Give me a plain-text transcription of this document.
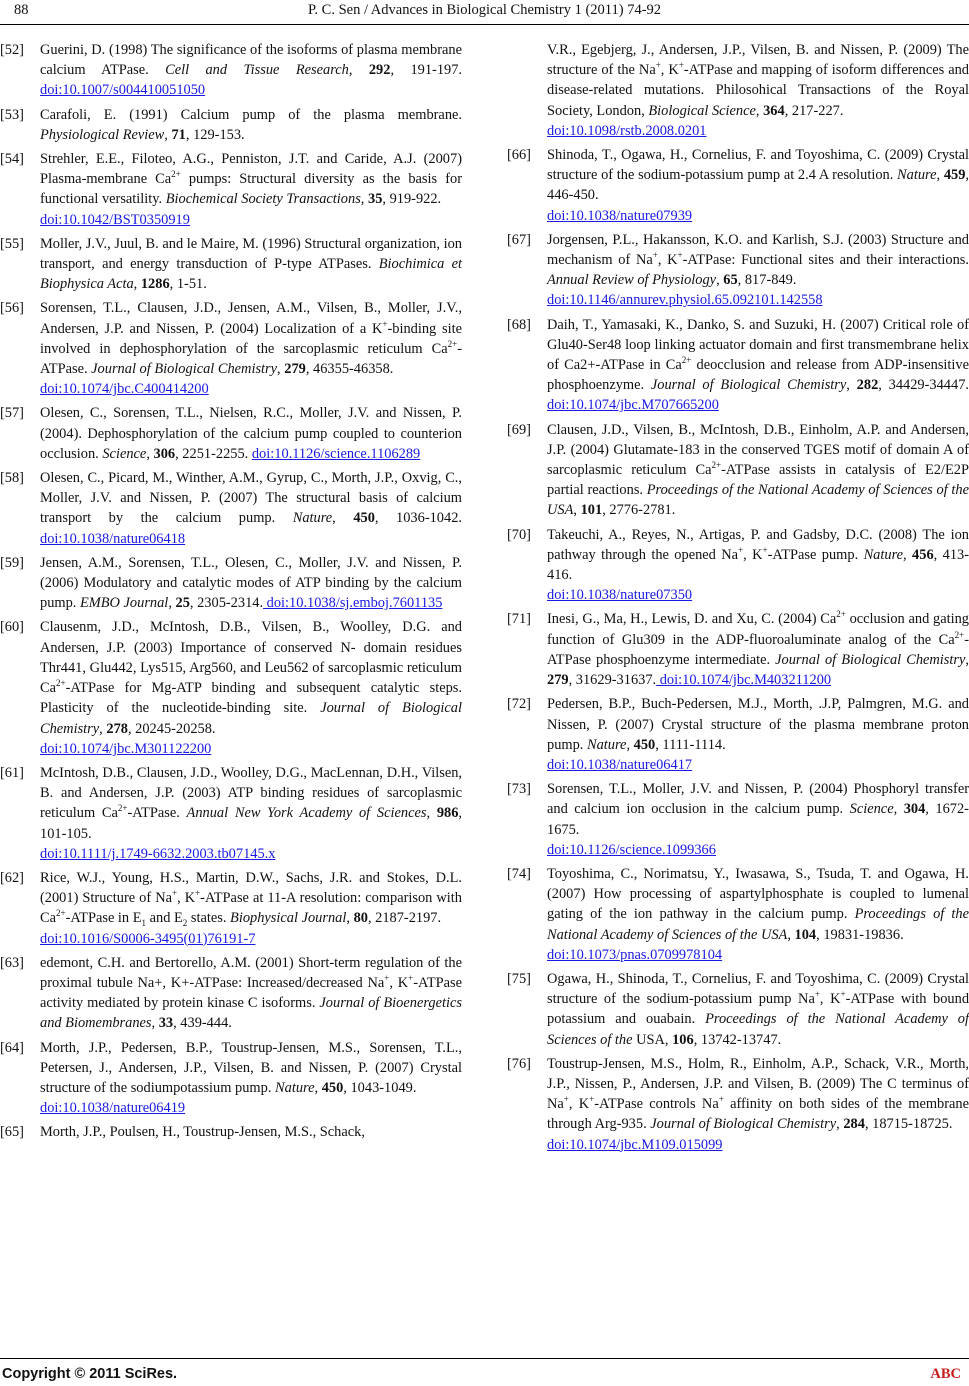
88	P. C. Sen / Advances in Biological Chemistry 1 (2011) 74-92
[52]	Guerini, D. (1998) The significance of the isoforms of plasma membrane calcium ATPase. Cell and Tissue Research, 292, 191-197. doi:10.1007/s004410051050
[53]	Carafoli, E. (1991) Calcium pump of the plasma membrane. Physiological Review, 71, 129-153.
[54]	Strehler, E.E., Filoteo, A.G., Penniston, J.T. and Caride, A.J. (2007) Plasma-membrane $Ca^{2+}$ pumps: Structural diversity as the basis for functional versatility. Biochemical Society Transactions, 35, 919-922.
doi:10.1042/BST0350919
[55]	Moller, J.V., Juul, B. and le Maire, M. (1996) Structural organization, ion transport, and energy transduction of P-type ATPases. Biochimica et Biophysica Acta, 1286, 1-51.
[56]	Sorensen, T.L., Clausen, J.D., Jensen, A.M., Vilsen, B., Moller, J.V., Andersen, J.P. and Nissen, P. (2004) Localization of a K+-binding site involved in dephosphorylation of the sarcoplasmic reticulum $Ca^{2+}$-ATPase. Journal of Biological Chemistry, 279, 46355-46358.
doi:10.1074/jbc.C400414200
[57]	Olesen, C., Sorensen, T.L., Nielsen, R.C., Moller, J.V. and Nissen, P. (2004). Dephosphorylation of the calcium pump coupled to counterion occlusion. Science, 306, 2251-2255. doi:10.1126/science.1106289
[58]	Olesen, C., Picard, M., Winther, A.M., Gyrup, C., Morth, J.P., Oxvig, C., Moller, J.V. and Nissen, P. (2007) The structural basis of calcium transport by the calcium pump. Nature, 450, 1036-1042. doi:10.1038/nature06418
[59]	Jensen, A.M., Sorensen, T.L., Olesen, C., Moller, J.V. and Nissen, P. (2006) Modulatory and catalytic modes of ATP binding by the calcium pump. EMBO Journal, 25, 2305-2314. doi:10.1038/sj.emboj.7601135
[60]	Clausenm, J.D., McIntosh, D.B., Vilsen, B., Woolley, D.G. and Andersen, J.P. (2003) Importance of conserved N- domain residues Thr441, Glu442, Lys515, Arg560, and Leu562 of sarcoplasmic reticulum $Ca^{2+}$-ATPase for Mg-ATP binding and subsequent catalytic steps. Plasticity of the nucleotide-binding site. Journal of Biological Chemistry, 278, 20245-20258.
doi:10.1074/jbc.M301122200
[61]	McIntosh, D.B., Clausen, J.D., Woolley, D.G., MacLennan, D.H., Vilsen, B. and Andersen, J.P. (2003) ATP binding residues of sarcoplasmic reticulum $Ca^{2+}$-ATPase. Annual New York Academy of Sciences, 986, 101-105.
doi:10.1111/j.1749-6632.2003.tb07145.x
[62]	Rice, W.J., Young, H.S., Martin, D.W., Sachs, J.R. and Stokes, D.L. (2001) Structure of Na+, K+-ATPase at 11-A resolution: comparison with $Ca^{2+}$-ATPase in $E_1$ and $E_2$ states. Biophysical Journal, 80, 2187-2197.
doi:10.1016/S0006-3495(01)76191-7
[63]	edemont, C.H. and Bertorello, A.M. (2001) Short-term regulation of the proximal tubule Na+, K+-ATPase: Increased/decreased Na+, K+-ATPase activity mediated by protein kinase C isoforms. Journal of Bioenergetics and Biomembranes, 33, 439-444.
[64]	Morth, J.P., Pedersen, B.P., Toustrup-Jensen, M.S., Sorensen, T.L., Petersen, J., Andersen, J.P., Vilsen, B. and Nissen, P. (2007) Crystal structure of the sodiumpotassium pump. Nature, 450, 1043-1049.
doi:10.1038/nature06419
[65]	Morth, J.P., Poulsen, H., Toustrup-Jensen, M.S., Schack,
V.R., Egebjerg, J., Andersen, J.P., Vilsen, B. and Nissen, P. (2009) The structure of the Na+, K+-ATPase and mapping of isoform differences and disease-related mutations. Philosohical Transactions of the Royal Society, London, Biological Science, 364, 217-227.
doi:10.1098/rstb.2008.0201
[66]	Shinoda, T., Ogawa, H., Cornelius, F. and Toyoshima, C. (2009) Crystal structure of the sodium-potassium pump at 2.4 A resolution. Nature, 459, 446-450.
doi:10.1038/nature07939
[67]	Jorgensen, P.L., Hakansson, K.O. and Karlish, S.J. (2003) Structure and mechanism of Na+, K+-ATPase: Functional sites and their interactions. Annual Review of Physiology, 65, 817-849.
doi:10.1146/annurev.physiol.65.092101.142558
[68]	Daih, T., Yamasaki, K., Danko, S. and Suzuki, H. (2007) Critical role of Glu40-Ser48 loop linking actuator domain and first transmembrane helix of Ca2+-ATPase in $Ca^{2+}$ deocclusion and release from ADP-insensitive phosphoenzyme. Journal of Biological Chemistry, 282, 34429-34447. doi:10.1074/jbc.M707665200
[69]	Clausen, J.D., Vilsen, B., McIntosh, D.B., Einholm, A.P. and Andersen, J.P. (2004) Glutamate-183 in the conserved TGES motif of domain A of sarcoplasmic reticulum $Ca^{2+}$-ATPase assists in catalysis of E2/E2P partial reactions. Proceedings of the National Academy of Sciences of the USA, 101, 2776-2781.
[70]	Takeuchi, A., Reyes, N., Artigas, P. and Gadsby, D.C. (2008) The ion pathway through the opened Na+, K+-ATPase pump. Nature, 456, 413-416.
doi:10.1038/nature07350
[71]	Inesi, G., Ma, H., Lewis, D. and Xu, C. (2004) $Ca^{2+}$ occlusion and gating function of Glu309 in the ADP-fluoroaluminate analog of the $Ca^{2+}$-ATPase phosphoenzyme intermediate. Journal of Biological Chemistry, 279, 31629-31637. doi:10.1074/jbc.M403211200
[72]	Pedersen, B.P., Buch-Pedersen, M.J., Morth, .J.P, Palmgren, M.G. and Nissen, P. (2007) Crystal structure of the plasma membrane proton pump. Nature, 450, 1111-1114.
doi:10.1038/nature06417
[73]	Sorensen, T.L., Moller, J.V. and Nissen, P. (2004) Phosphoryl transfer and calcium ion occlusion in the calcium pump. Science, 304, 1672-1675.
doi:10.1126/science.1099366
[74]	Toyoshima, C., Norimatsu, Y., Iwasawa, S., Tsuda, T. and Ogawa, H. (2007) How processing of aspartylphosphate is coupled to lumenal gating of the ion pathway in the calcium pump. Proceedings of the National Academy of Sciences of the USA, 104, 19831-19836.
doi:10.1073/pnas.0709978104
[75]	Ogawa, H., Shinoda, T., Cornelius, F. and Toyoshima, C. (2009) Crystal structure of the sodium-potassium pump Na+, K+-ATPase with bound potassium and ouabain. Proceedings of the National Academy of Sciences of the USA, 106, 13742-13747.
[76]	Toustrup-Jensen, M.S., Holm, R., Einholm, A.P., Schack, V.R., Morth, J.P., Nissen, P., Andersen, J.P. and Vilsen, B. (2009) The C terminus of Na+, K+-ATPase controls Na+ affinity on both sides of the membrane through Arg-935. Journal of Biological Chemistry, 284, 18715-18725.
doi:10.1074/jbc.M109.015099
Copyright © 2011 SciRes.	ABC
